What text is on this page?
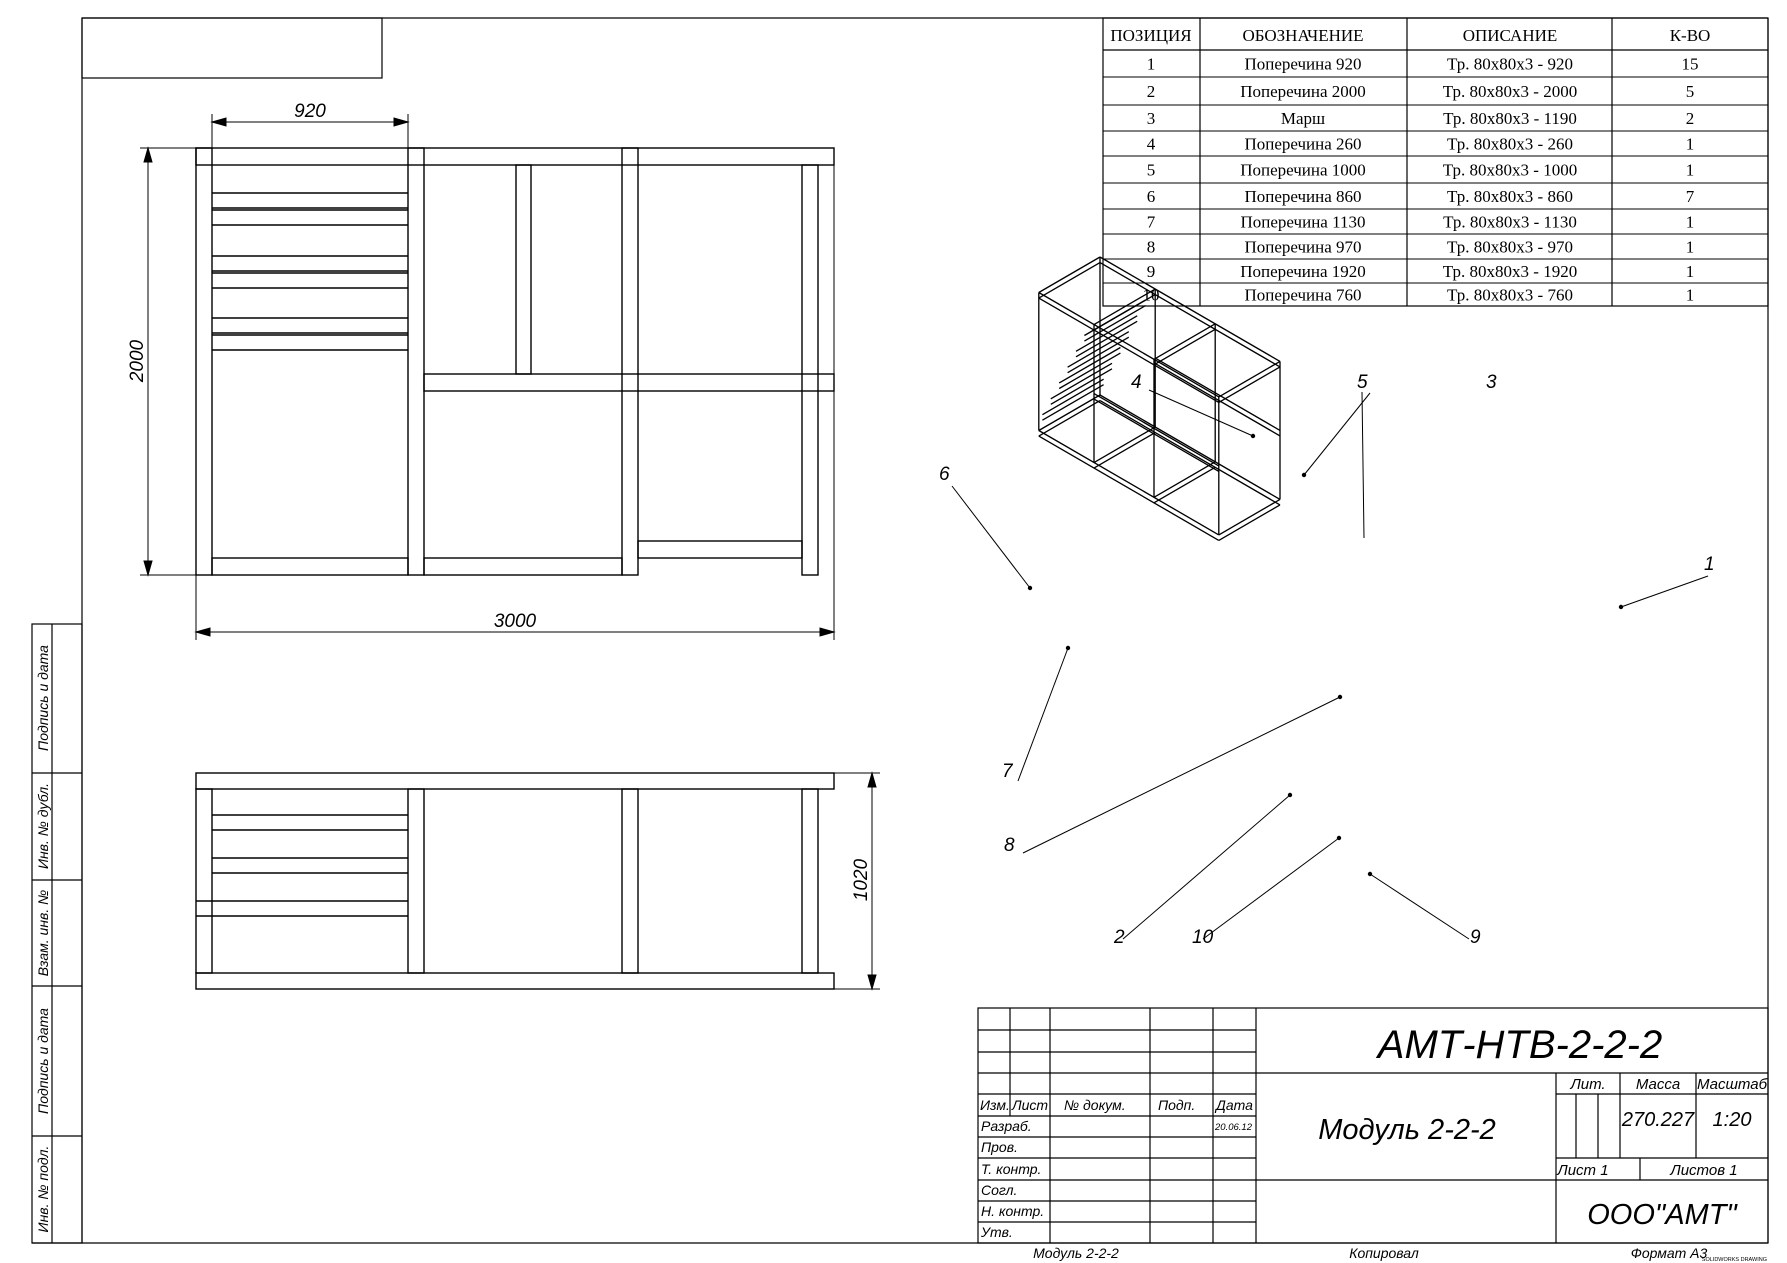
Подпись и дата
Инв. № дубл.
Взам. инв. №
Подпись и дата
Инв. № подл.
920
2000
3000
1020
ПОЗИЦИЯ	ОБОЗНАЧЕНИЕ	ОПИСАНИЕ	К-ВО
1	Поперечина 920	Тр. 80х80х3 - 920	15
2	Поперечина 2000	Тр. 80х80х3 - 2000	5
3	Марш	Тр. 80х80х3 - 1190	2
4	Поперечина 260	Тр. 80х80х3 - 260	1
5	Поперечина 1000	Тр. 80х80х3 - 1000	1
6	Поперечина 860	Тр. 80х80х3 - 860	7
7	Поперечина 1130	Тр. 80х80х3 - 1130	1
8	Поперечина 970	Тр. 80х80х3 - 970	1
9	Поперечина 1920	Тр. 80х80х3 - 1920	1
10	Поперечина 760	Тр. 80х80х3 - 760	1
1
2
3
4	5
6
7
8
9
10
АМТ-НТВ-2-2-2
Модуль 2-2-2
Изм. Лист № докум. Подп. Дата
20.06.12
Разраб.
Пров.
Т. контр.
Согл.
Н. контр.
Утв.
Лит. Масса Масштаб
270.227 1:20
Лист 1	Листов 1
ООО"АМТ"
Модуль 2-2-2	Копировал	Формат А3
SOLIDWORKS DRAWING
